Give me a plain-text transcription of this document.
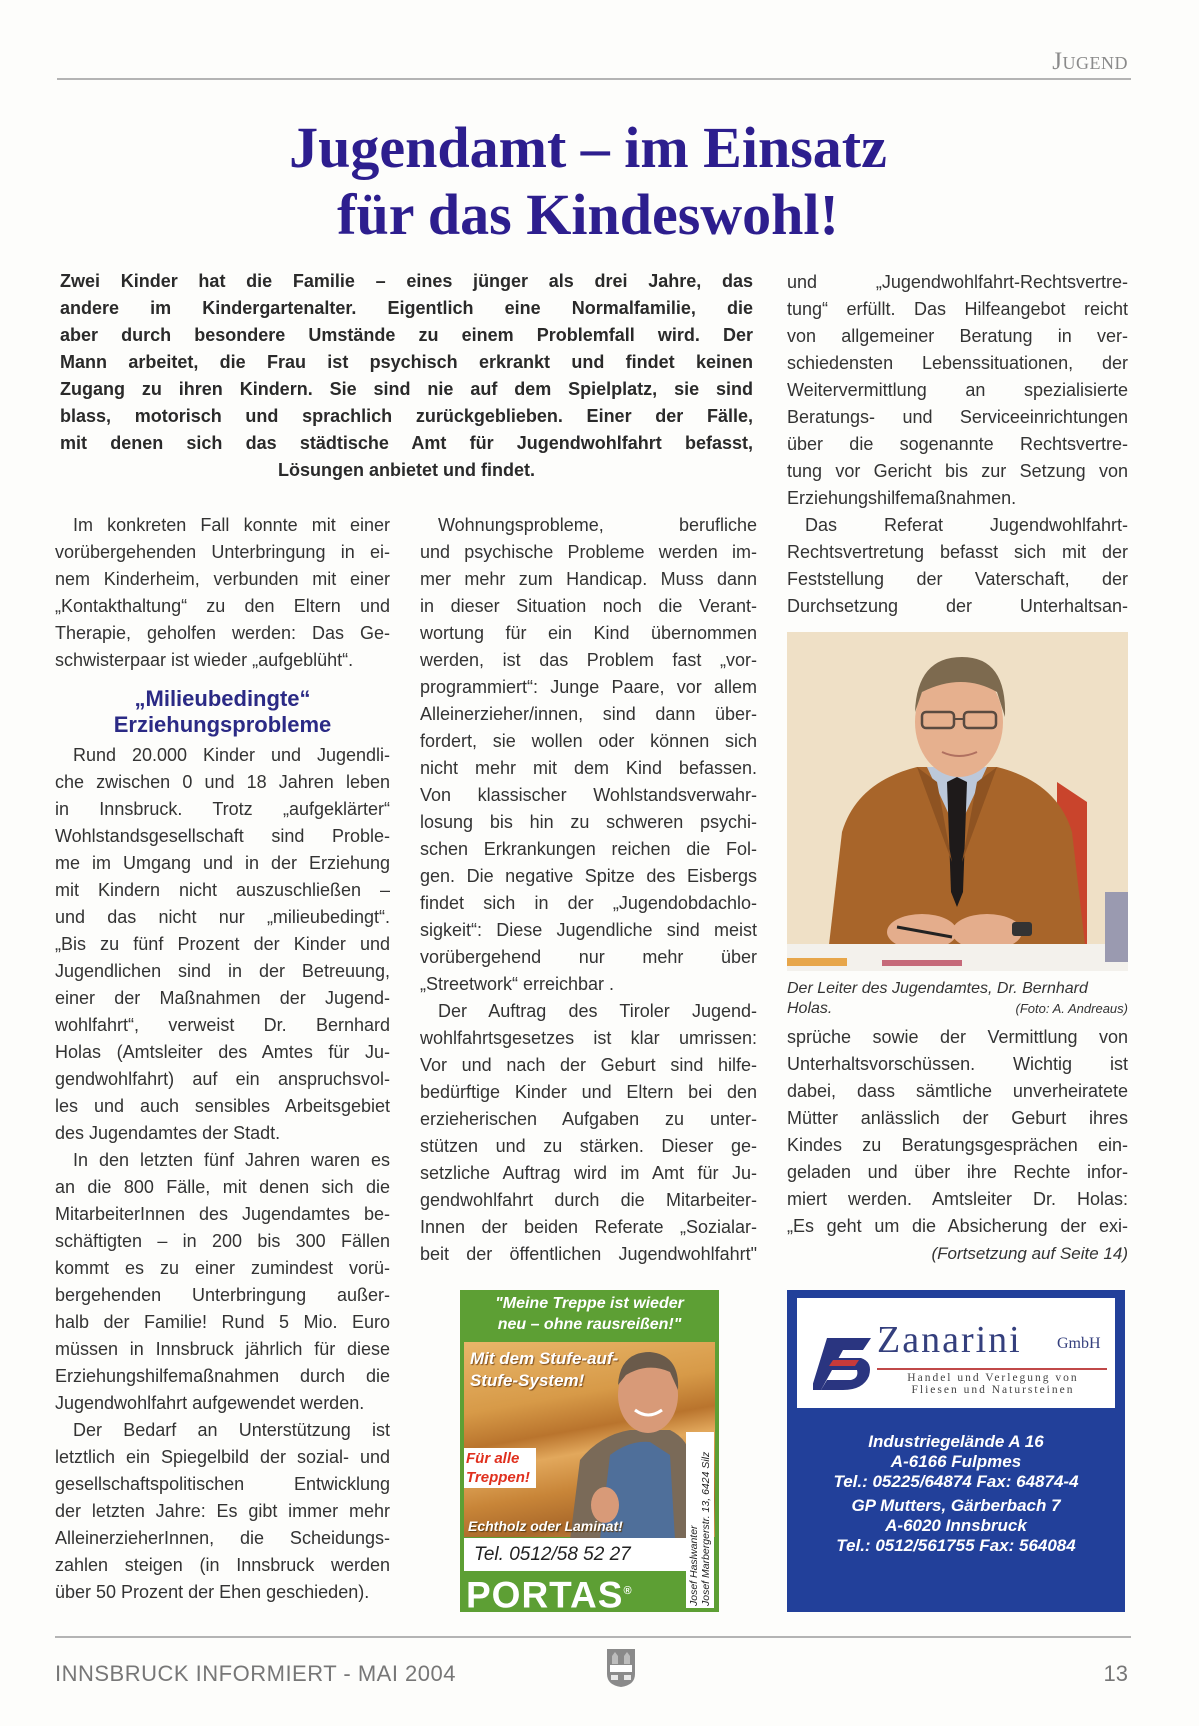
Jugend
Jugendamt – im Einsatz
für das Kindeswohl!
Zwei Kinder hat die Familie – eines jünger als drei Jahre, das
andere im Kindergartenalter. Eigentlich eine Normalfamilie, die
aber durch besondere Umstände zu einem Problemfall wird. Der
Mann arbeitet, die Frau ist psychisch erkrankt und findet keinen
Zugang zu ihren Kindern. Sie sind nie auf dem Spielplatz, sie sind
blass, motorisch und sprachlich zurückgeblieben. Einer der Fälle,
mit denen sich das städtische Amt für Jugendwohlfahrt befasst,
Lösungen anbietet und findet.
Im konkreten Fall konnte mit einer
vorübergehenden Unterbringung in ei-
nem Kinderheim, verbunden mit einer
„Kontakthaltung“ zu den Eltern und
Therapie, geholfen werden: Das Ge-
schwisterpaar ist wieder „aufgeblüht“.
„Milieubedingte“
Erziehungsprobleme
Rund 20.000 Kinder und Jugendli-
che zwischen 0 und 18 Jahren leben
in Innsbruck. Trotz „aufgeklärter“
Wohlstandsgesellschaft sind Proble-
me im Umgang und in der Erziehung
mit Kindern nicht auszuschließen –
und das nicht nur „milieubedingt“.
„Bis zu fünf Prozent der Kinder und
Jugendlichen sind in der Betreuung,
einer der Maßnahmen der Jugend-
wohlfahrt“, verweist Dr. Bernhard
Holas (Amtsleiter des Amtes für Ju-
gendwohlfahrt) auf ein anspruchsvol-
les und auch sensibles Arbeitsgebiet
des Jugendamtes der Stadt.
In den letzten fünf Jahren waren es
an die 800 Fälle, mit denen sich die
MitarbeiterInnen des Jugendamtes be-
schäftigten – in 200 bis 300 Fällen
kommt es zu einer zumindest vorü-
bergehenden Unterbringung außer-
halb der Familie! Rund 5 Mio. Euro
müssen in Innsbruck jährlich für diese
Erziehungshilfemaßnahmen durch die
Jugendwohlfahrt aufgewendet werden.
Der Bedarf an Unterstützung ist
letztlich ein Spiegelbild der sozial- und
gesellschaftspolitischen Entwicklung
der letzten Jahre: Es gibt immer mehr
AlleinerzieherInnen, die Scheidungs-
zahlen steigen (in Innsbruck werden
über 50 Prozent der Ehen geschieden).
Wohnungsprobleme, berufliche
und psychische Probleme werden im-
mer mehr zum Handicap. Muss dann
in dieser Situation noch die Verant-
wortung für ein Kind übernommen
werden, ist das Problem fast „vor-
programmiert“: Junge Paare, vor allem
Alleinerzieher/innen, sind dann über-
fordert, sie wollen oder können sich
nicht mehr mit dem Kind befassen.
Von klassischer Wohlstandsverwahr-
losung bis hin zu schweren psychi-
schen Erkrankungen reichen die Fol-
gen. Die negative Spitze des Eisbergs
findet sich in der „Jugendobdachlo-
sigkeit“: Diese Jugendliche sind meist
vorübergehend nur mehr über
„Streetwork“ erreichbar .
Der Auftrag des Tiroler Jugend-
wohlfahrtsgesetzes ist klar umrissen:
Vor und nach der Geburt sind hilfe-
bedürftige Kinder und Eltern bei den
erzieherischen Aufgaben zu unter-
stützen und zu stärken. Dieser ge-
setzliche Auftrag wird im Amt für Ju-
gendwohlfahrt durch die Mitarbeiter-
Innen der beiden Referate „Sozialar-
beit der öffentlichen Jugendwohlfahrt"
und „Jugendwohlfahrt-Rechtsvertre-
tung“ erfüllt. Das Hilfeangebot reicht
von allgemeiner Beratung in ver-
schiedensten Lebenssituationen, der
Weitervermittlung an spezialisierte
Beratungs- und Serviceeinrichtungen
über die sogenannte Rechtsvertre-
tung vor Gericht bis zur Setzung von
Erziehungshilfemaßnahmen.
Das Referat Jugendwohlfahrt-
Rechtsvertretung befasst sich mit der
Feststellung der Vaterschaft, der
Durchsetzung der Unterhaltsan-
Der Leiter des Jugendamtes, Dr. Bernhard
Holas.	(Foto: A. Andreaus)
sprüche sowie der Vermittlung von
Unterhaltsvorschüssen. Wichtig ist
dabei, dass sämtliche unverheiratete
Mütter anlässlich der Geburt ihres
Kindes zu Beratungsgesprächen ein-
geladen und über ihre Rechte infor-
miert werden. Amtsleiter Dr. Holas:
„Es geht um die Absicherung der exi-
(Fortsetzung auf Seite 14)
"Meine Treppe ist wieder
neu – ohne rausreißen!"
Mit dem Stufe-auf-
Stufe-System!
Für alle
Treppen!
Echtholz oder Laminat!
Tel. 0512/58 52 27
PORTAS®	Josef Haslwanter Josef Marbergerstr. 13, 6424 Silz
Zanarini GmbH
Handel und Verlegung von
Fliesen und Natursteinen
Industriegelände A 16
A-6166 Fulpmes
Tel.: 05225/64874 Fax: 64874-4
GP Mutters, Gärberbach 7
A-6020 Innsbruck
Tel.: 0512/561755 Fax: 564084
INNSBRUCK INFORMIERT - MAI 2004	13
